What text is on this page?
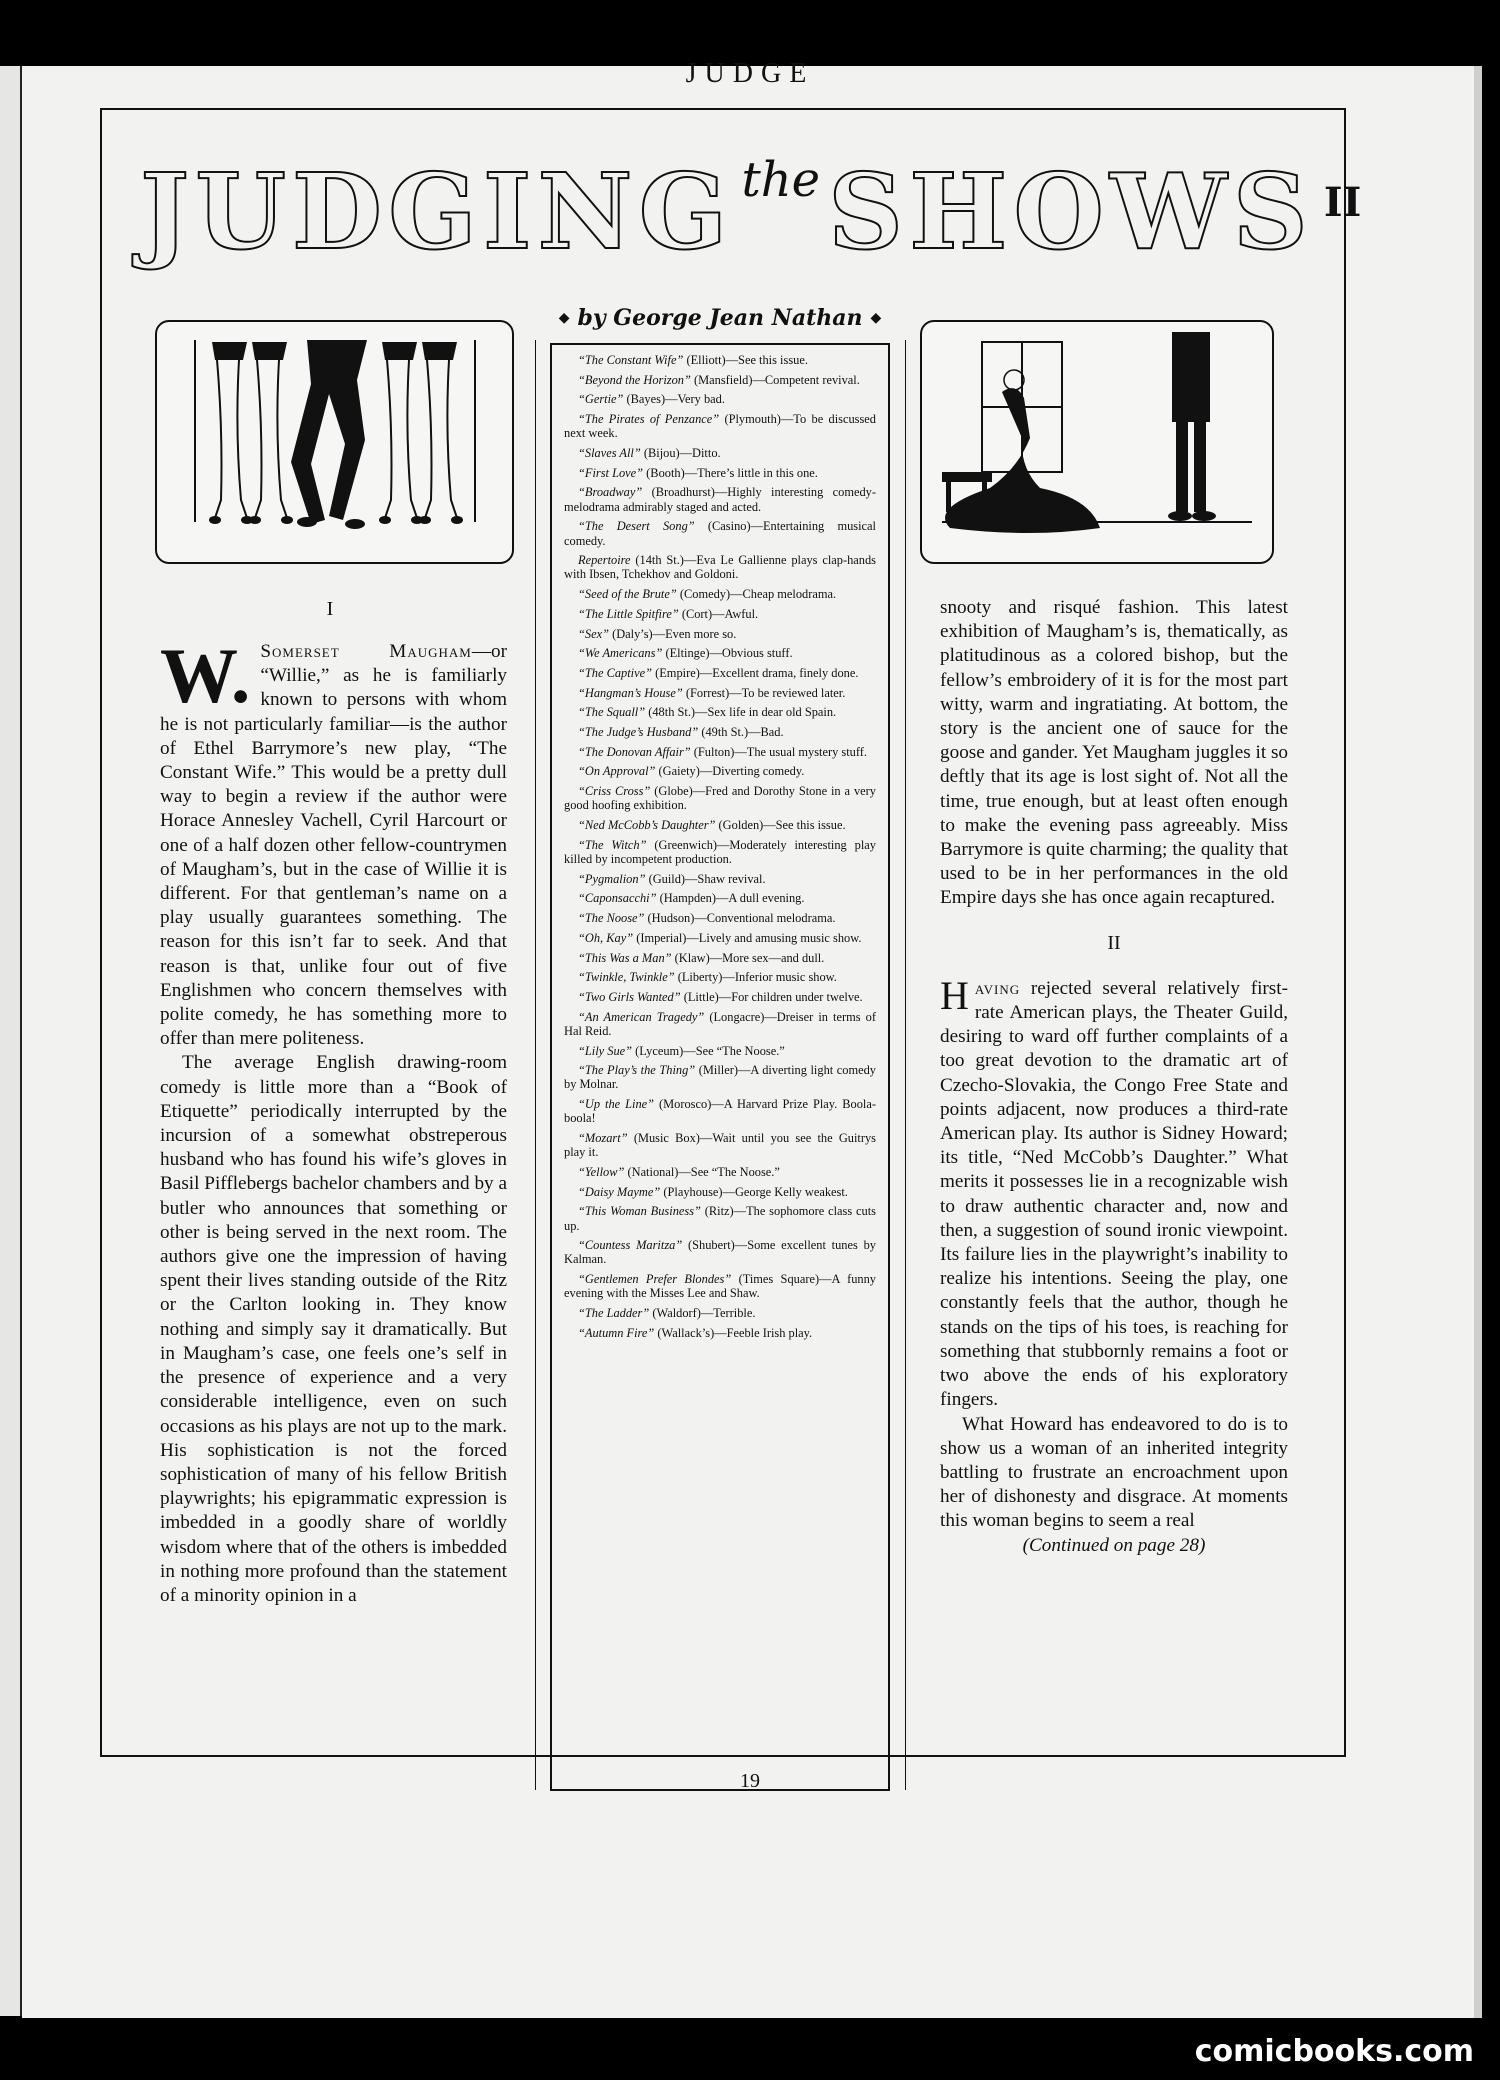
JUDGE
JUDGING theSHOWS II
◆ by George Jean Nathan ◆
I

W. Somerset Maugham—or “Willie,” as he is familiarly known to persons with whom he is not particularly familiar—is the author of Ethel Barrymore’s new play, “The Constant Wife.” This would be a pretty dull way to begin a review if the author were Horace Annesley Vachell, Cyril Harcourt or one of a half dozen other fellow-countrymen of Maugham’s, but in the case of Willie it is different. For that gentleman’s name on a play usually guarantees something. The reason for this isn’t far to seek. And that reason is that, unlike four out of five Englishmen who concern themselves with polite comedy, he has something more to offer than mere politeness.

The average English drawing-room comedy is little more than a “Book of Etiquette” periodically interrupted by the incursion of a somewhat obstreperous husband who has found his wife’s gloves in Basil Pifflebergs bachelor chambers and by a butler who announces that something or other is being served in the next room. The authors give one the impression of having spent their lives standing outside of the Ritz or the Carlton looking in. They know nothing and simply say it dramatically. But in Maugham’s case, one feels one’s self in the presence of experience and a very considerable intelligence, even on such occasions as his plays are not up to the mark. His sophistication is not the forced sophistication of many of his fellow British playwrights; his epigrammatic expression is imbedded in a goodly share of worldly wisdom where that of the others is imbedded in nothing more profound than the statement of a minority opinion in a

“The Constant Wife” (Elliott)—See this issue.

“Beyond the Horizon” (Mansfield)—Competent revival.

“Gertie” (Bayes)—Very bad.

“The Pirates of Penzance” (Plymouth)—To be discussed next week.

“Slaves All” (Bijou)—Ditto.

“First Love” (Booth)—There’s little in this one.

“Broadway” (Broadhurst)—Highly interesting comedy-melodrama admirably staged and acted.

“The Desert Song” (Casino)—Entertaining musical comedy.

Repertoire (14th St.)—Eva Le Gallienne plays clap-hands with Ibsen, Tchekhov and Goldoni.

“Seed of the Brute” (Comedy)—Cheap melodrama.

“The Little Spitfire” (Cort)—Awful.

“Sex” (Daly’s)—Even more so.

“We Americans” (Eltinge)—Obvious stuff.

“The Captive” (Empire)—Excellent drama, finely done.

“Hangman’s House” (Forrest)—To be reviewed later.

“The Squall” (48th St.)—Sex life in dear old Spain.

“The Judge’s Husband” (49th St.)—Bad.

“The Donovan Affair” (Fulton)—The usual mystery stuff.

“On Approval” (Gaiety)—Diverting comedy.

“Criss Cross” (Globe)—Fred and Dorothy Stone in a very good hoofing exhibition.

“Ned McCobb’s Daughter” (Golden)—See this issue.

“The Witch” (Greenwich)—Moderately interesting play killed by incompetent production.

“Pygmalion” (Guild)—Shaw revival.

“Caponsacchi” (Hampden)—A dull evening.

“The Noose” (Hudson)—Conventional melodrama.

“Oh, Kay” (Imperial)—Lively and amusing music show.

“This Was a Man” (Klaw)—More sex—and dull.

“Twinkle, Twinkle” (Liberty)—Inferior music show.

“Two Girls Wanted” (Little)—For children under twelve.

“An American Tragedy” (Longacre)—Dreiser in terms of Hal Reid.

“Lily Sue” (Lyceum)—See “The Noose.”

“The Play’s the Thing” (Miller)—A diverting light comedy by Molnar.

“Up the Line” (Morosco)—A Harvard Prize Play. Boola-boola!

“Mozart” (Music Box)—Wait until you see the Guitrys play it.

“Yellow” (National)—See “The Noose.”

“Daisy Mayme” (Playhouse)—George Kelly weakest.

“This Woman Business” (Ritz)—The sophomore class cuts up.

“Countess Maritza” (Shubert)—Some excellent tunes by Kalman.

“Gentlemen Prefer Blondes” (Times Square)—A funny evening with the Misses Lee and Shaw.

“The Ladder” (Waldorf)—Terrible.

“Autumn Fire” (Wallack’s)—Feeble Irish play.

snooty and risqué fashion. This latest exhibition of Maugham’s is, thematically, as platitudinous as a colored bishop, but the fellow’s embroidery of it is for the most part witty, warm and ingratiating. At bottom, the story is the ancient one of sauce for the goose and gander. Yet Maugham juggles it so deftly that its age is lost sight of. Not all the time, true enough, but at least often enough to make the evening pass agreeably. Miss Barrymore is quite charming; the quality that used to be in her performances in the old Empire days she has once again recaptured.

II

Having rejected several relatively first-rate American plays, the Theater Guild, desiring to ward off further complaints of a too great devotion to the dramatic art of Czecho-Slovakia, the Congo Free State and points adjacent, now produces a third-rate American play. Its author is Sidney Howard; its title, “Ned McCobb’s Daughter.” What merits it possesses lie in a recognizable wish to draw authentic character and, now and then, a suggestion of sound ironic viewpoint. Its failure lies in the playwright’s inability to realize his intentions. Seeing the play, one constantly feels that the author, though he stands on the tips of his toes, is reaching for something that stubbornly remains a foot or two above the ends of his exploratory fingers.

What Howard has endeavored to do is to show us a woman of an inherited integrity battling to frustrate an encroachment upon her of dishonesty and disgrace. At moments this woman begins to seem a real

(Continued on page 28)
19
comicbooks.com
